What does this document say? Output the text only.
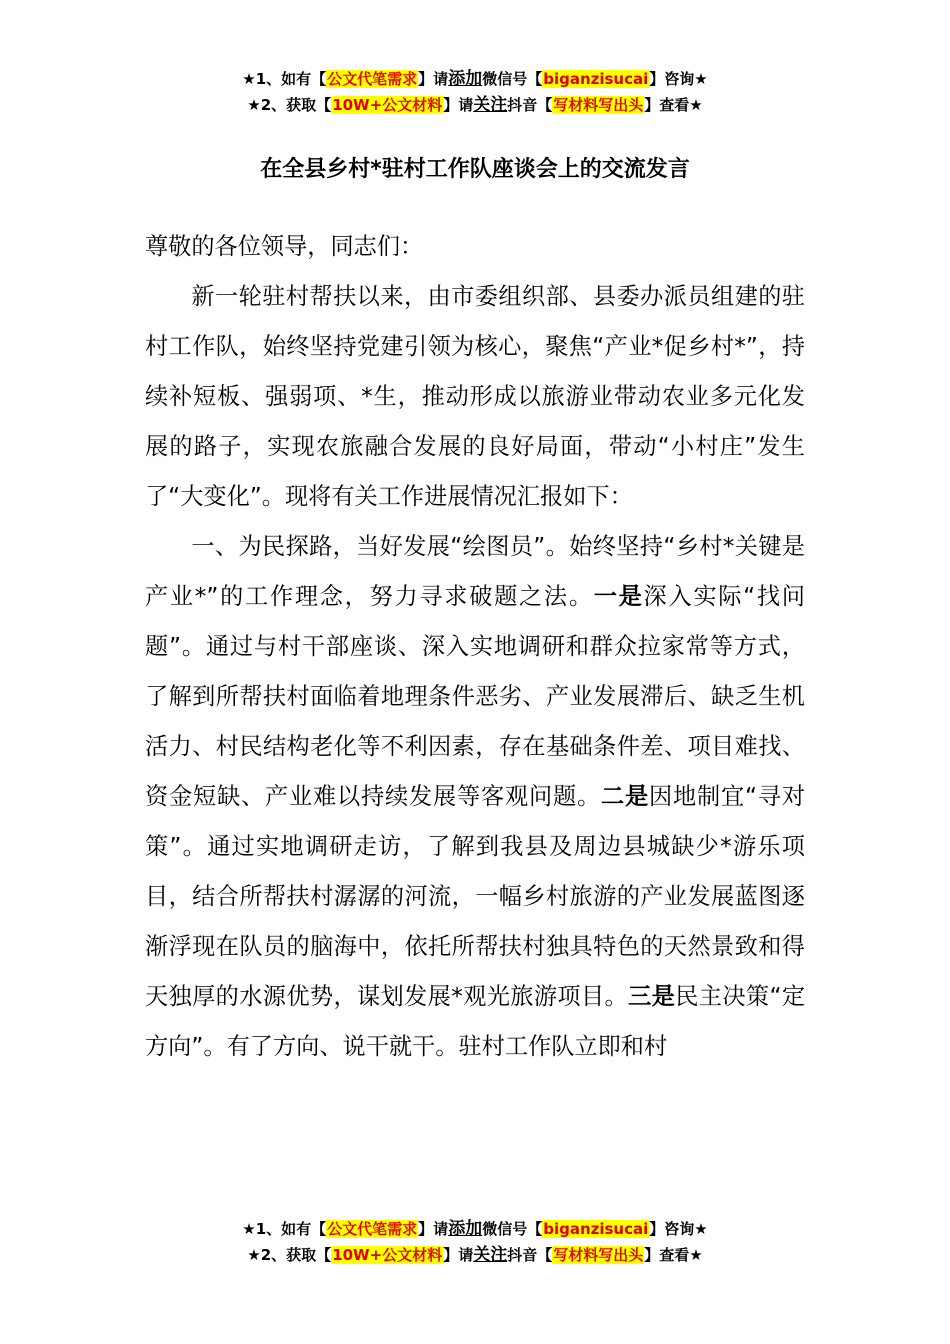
★1、如有【公文代笔需求】请添加微信号【biganzisucai】咨询★
★2、获取【10W+公文材料】请关注抖音【写材料写出头】查看★
在全县乡村*驻村工作队座谈会上的交流发言

尊敬的各位领导，同志们：

新一轮驻村帮扶以来，由市委组织部、县委办派员组建的驻村工作队，始终坚持党建引领为核心，聚焦“产业*促乡村*”，持续补短板、强弱项、*生，推动形成以旅游业带动农业多元化发展的路子，实现农旅融合发展的良好局面，带动“小村庄”发生了“大变化”。现将有关工作进展情况汇报如下：

一、为民探路，当好发展“绘图员”。始终坚持“乡村*关键是产业*”的工作理念，努力寻求破题之法。一是深入实际“找问题”。通过与村干部座谈、深入实地调研和群众拉家常等方式，了解到所帮扶村面临着地理条件恶劣、产业发展滞后、缺乏生机活力、村民结构老化等不利因素，存在基础条件差、项目难找、资金短缺、产业难以持续发展等客观问题。二是因地制宜“寻对策”。通过实地调研走访，了解到我县及周边县城缺少*游乐项目，结合所帮扶村潺潺的河流，一幅乡村旅游的产业发展蓝图逐渐浮现在队员的脑海中，依托所帮扶村独具特色的天然景致和得天独厚的水源优势，谋划发展*观光旅游项目。三是民主决策“定方向”。有了方向、说干就干。驻村工作队立即和村

★1、如有【公文代笔需求】请添加微信号【biganzisucai】咨询★
★2、获取【10W+公文材料】请关注抖音【写材料写出头】查看★
